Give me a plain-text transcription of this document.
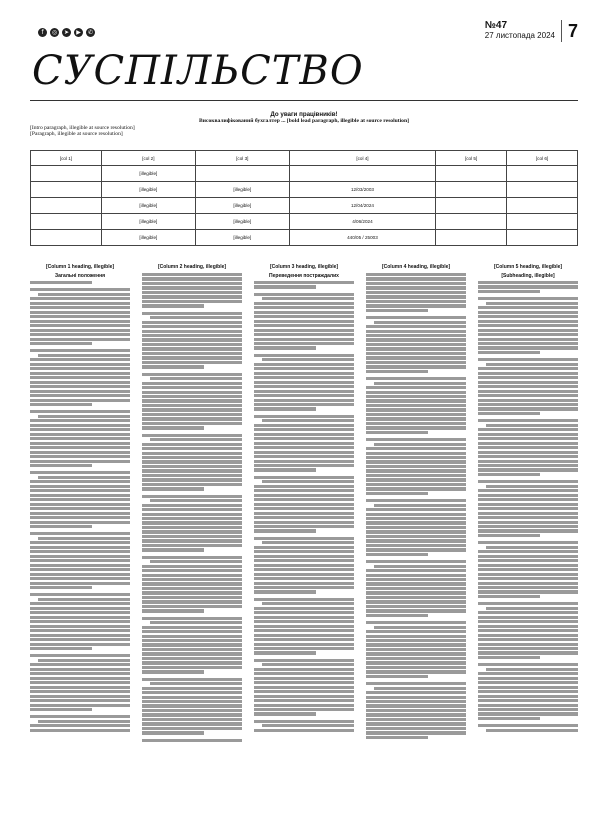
f	◎	➤	▶	✆
СУСПІЛЬСТВО
№47
27 листопада 2024 7

До уваги працівників!

Високвалифікований бухгалтер ... [bold lead paragraph, illegible at source resolution]

[Intro paragraph, illegible at source resolution]

[Paragraph, illegible at source resolution]

[col 1]	[col 2]	[col 3]	[col 4]	[col 5]	[col 6]
	[illegible]				
	[illegible]	[illegible]	12/03/2003		
	[illegible]	[illegible]	12/04/2024		
	[illegible]	[illegible]	4/06/2024		
	[illegible]	[illegible]	440/05 / 25003		
[Column 1 heading, illegible]
Загальні положення
[Column 2 heading, illegible]	[Column 3 heading, illegible]
Переведення постраждалих
[Column 4 heading, illegible]	[Column 5 heading, illegible]
[Subheading, illegible]
